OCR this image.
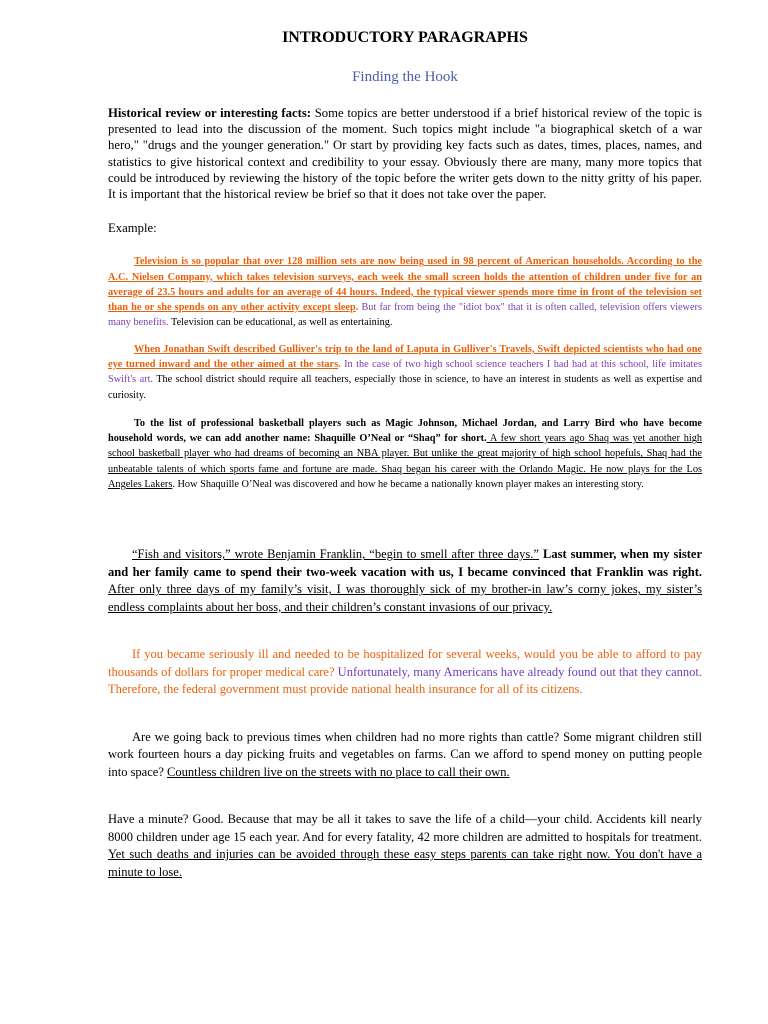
INTRODUCTORY PARAGRAPHS
Finding the Hook

Historical review or interesting facts: Some topics are better understood if a brief historical review of the topic is presented to lead into the discussion of the moment. Such topics might include "a biographical sketch of a war hero," "drugs and the younger generation." Or start by providing key facts such as dates, times, places, names, and statistics to give historical context and credibility to your essay. Obviously there are many, many more topics that could be introduced by reviewing the history of the topic before the writer gets down to the nitty gritty of his paper. It is important that the historical review be brief so that it does not take over the paper.

Example:

Television is so popular that over 128 million sets are now being used in 98 percent of American households. According to the A.C. Nielsen Company, which takes television surveys, each week the small screen holds the attention of children under five for an average of 23.5 hours and adults for an average of 44 hours. Indeed, the typical viewer spends more time in front of the television set than he or she spends on any other activity except sleep. But far from being the "idiot box" that it is often called, television offers viewers many benefits. Television can be educational, as well as entertaining.

When Jonathan Swift described Gulliver's trip to the land of Laputa in Gulliver's Travels, Swift depicted scientists who had one eye turned inward and the other aimed at the stars. In the case of two high school science teachers I had had at this school, life imitates Swift's art. The school district should require all teachers, especially those in science, to have an interest in students as well as expertise and curiosity.

To the list of professional basketball players such as Magic Johnson, Michael Jordan, and Larry Bird who have become household words, we can add another name: Shaquille O’Neal or “Shaq” for short. A few short years ago Shaq was yet another high school basketball player who had dreams of becoming an NBA player. But unlike the great majority of high school hopefuls, Shaq had the unbeatable talents of which sports fame and fortune are made. Shaq began his career with the Orlando Magic. He now plays for the Los Angeles Lakers. How Shaquille O’Neal was discovered and how he became a nationally known player makes an interesting story.

“Fish and visitors,” wrote Benjamin Franklin, “begin to smell after three days.” Last summer, when my sister and her family came to spend their two-week vacation with us, I became convinced that Franklin was right. After only three days of my family’s visit, I was thoroughly sick of my brother-in law’s corny jokes, my sister’s endless complaints about her boss, and their children’s constant invasions of our privacy.

If you became seriously ill and needed to be hospitalized for several weeks, would you be able to afford to pay thousands of dollars for proper medical care? Unfortunately, many Americans have already found out that they cannot. Therefore, the federal government must provide national health insurance for all of its citizens.

Are we going back to previous times when children had no more rights than cattle? Some migrant children still work fourteen hours a day picking fruits and vegetables on farms. Can we afford to spend money on putting people into space? Countless children live on the streets with no place to call their own.

Have a minute? Good. Because that may be all it takes to save the life of a child—your child. Accidents kill nearly 8000 children under age 15 each year. And for every fatality, 42 more children are admitted to hospitals for treatment. Yet such deaths and injuries can be avoided through these easy steps parents can take right now. You don't have a minute to lose.
